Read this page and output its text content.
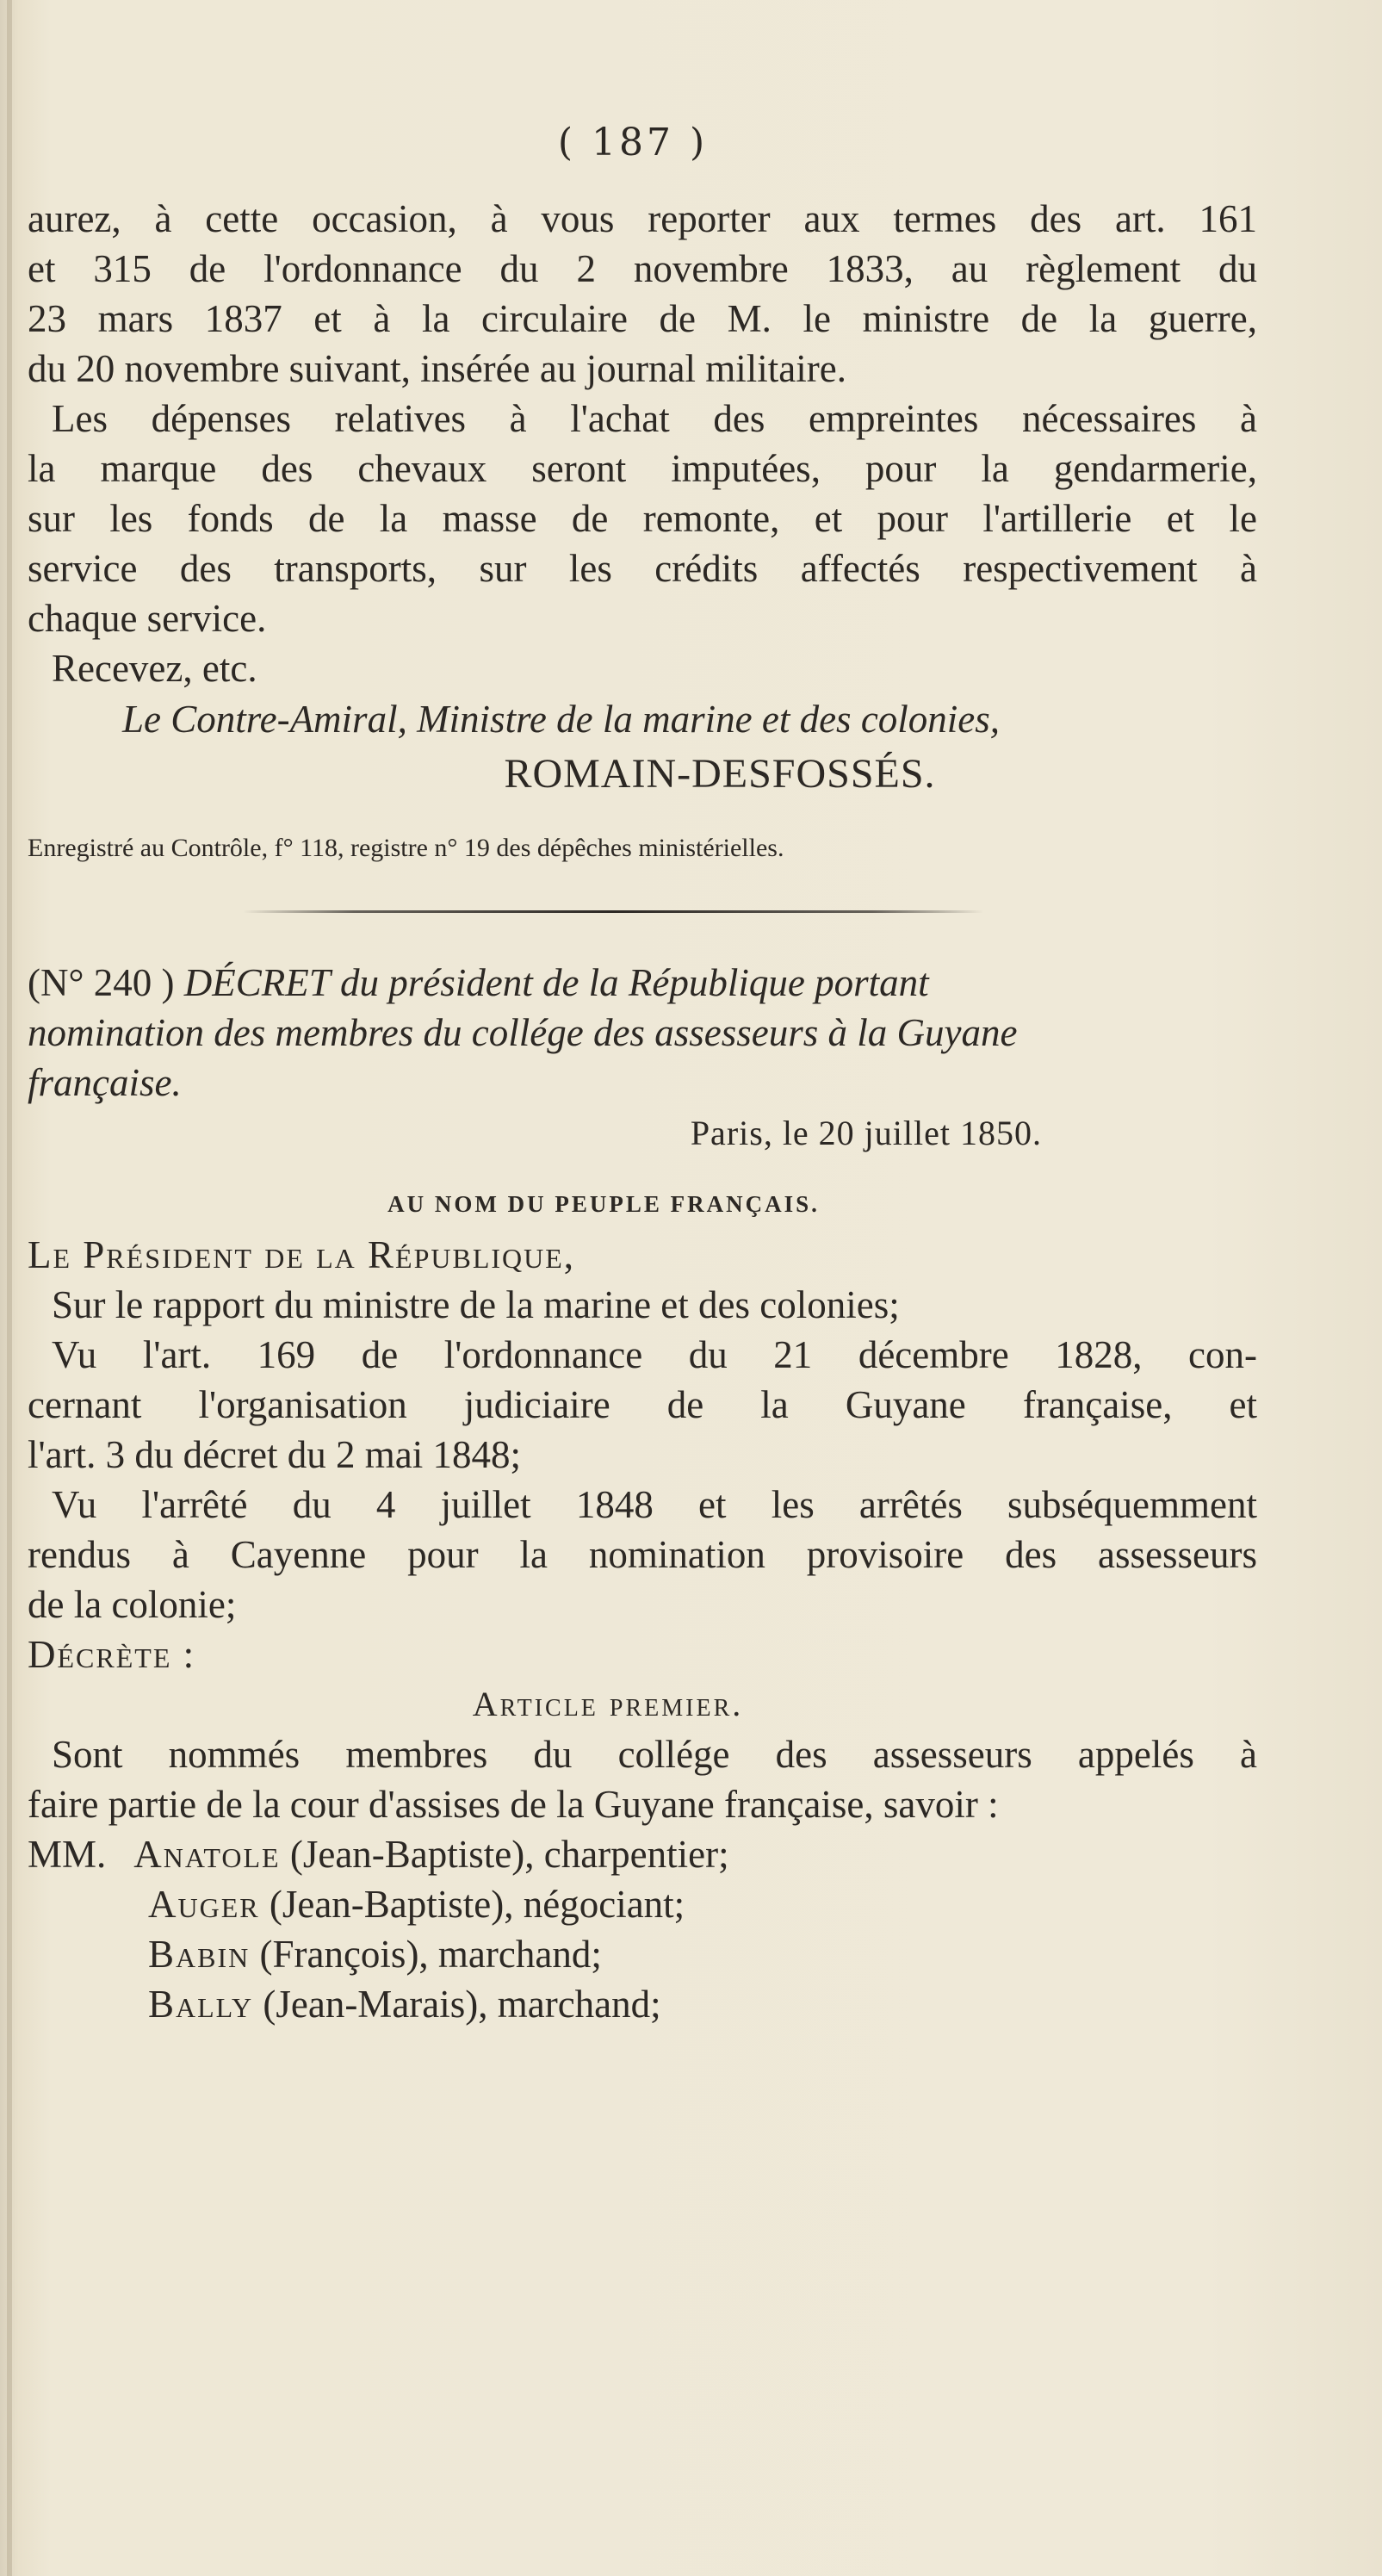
( 187 )
aurez, à cette occasion, à vous reporter aux termes des art. 161
et 315 de l'ordonnance du 2 novembre 1833, au règlement du
23 mars 1837 et à la circulaire de M. le ministre de la guerre,
du 20 novembre suivant, insérée au journal militaire.
Les dépenses relatives à l'achat des empreintes nécessaires à
la marque des chevaux seront imputées, pour la gendarmerie,
sur les fonds de la masse de remonte, et pour l'artillerie et le
service des transports, sur les crédits affectés respectivement à
chaque service.
Recevez, etc.
Le Contre-Amiral, Ministre de la marine et des colonies,
ROMAIN-DESFOSSÉS.
Enregistré au Contrôle, f° 118, registre n° 19 des dépêches ministérielles.
(N° 240 ) DÉCRET du président de la République portant
nomination des membres du collége des assesseurs à la Guyane
française.
Paris, le 20 juillet 1850.
AU NOM DU PEUPLE FRANÇAIS.
Le Président de la République,
Sur le rapport du ministre de la marine et des colonies;
Vu l'art. 169 de l'ordonnance du 21 décembre 1828, con-
cernant l'organisation judiciaire de la Guyane française, et
l'art. 3 du décret du 2 mai 1848;
Vu l'arrêté du 4 juillet 1848 et les arrêtés subséquemment
rendus à Cayenne pour la nomination provisoire des assesseurs
de la colonie;
Décrète :
Article premier.
Sont nommés membres du collége des assesseurs appelés à
faire partie de la cour d'assises de la Guyane française, savoir :
MM. Anatole (Jean-Baptiste), charpentier;
Auger (Jean-Baptiste), négociant;
Babin (François), marchand;
Bally (Jean-Marais), marchand;
